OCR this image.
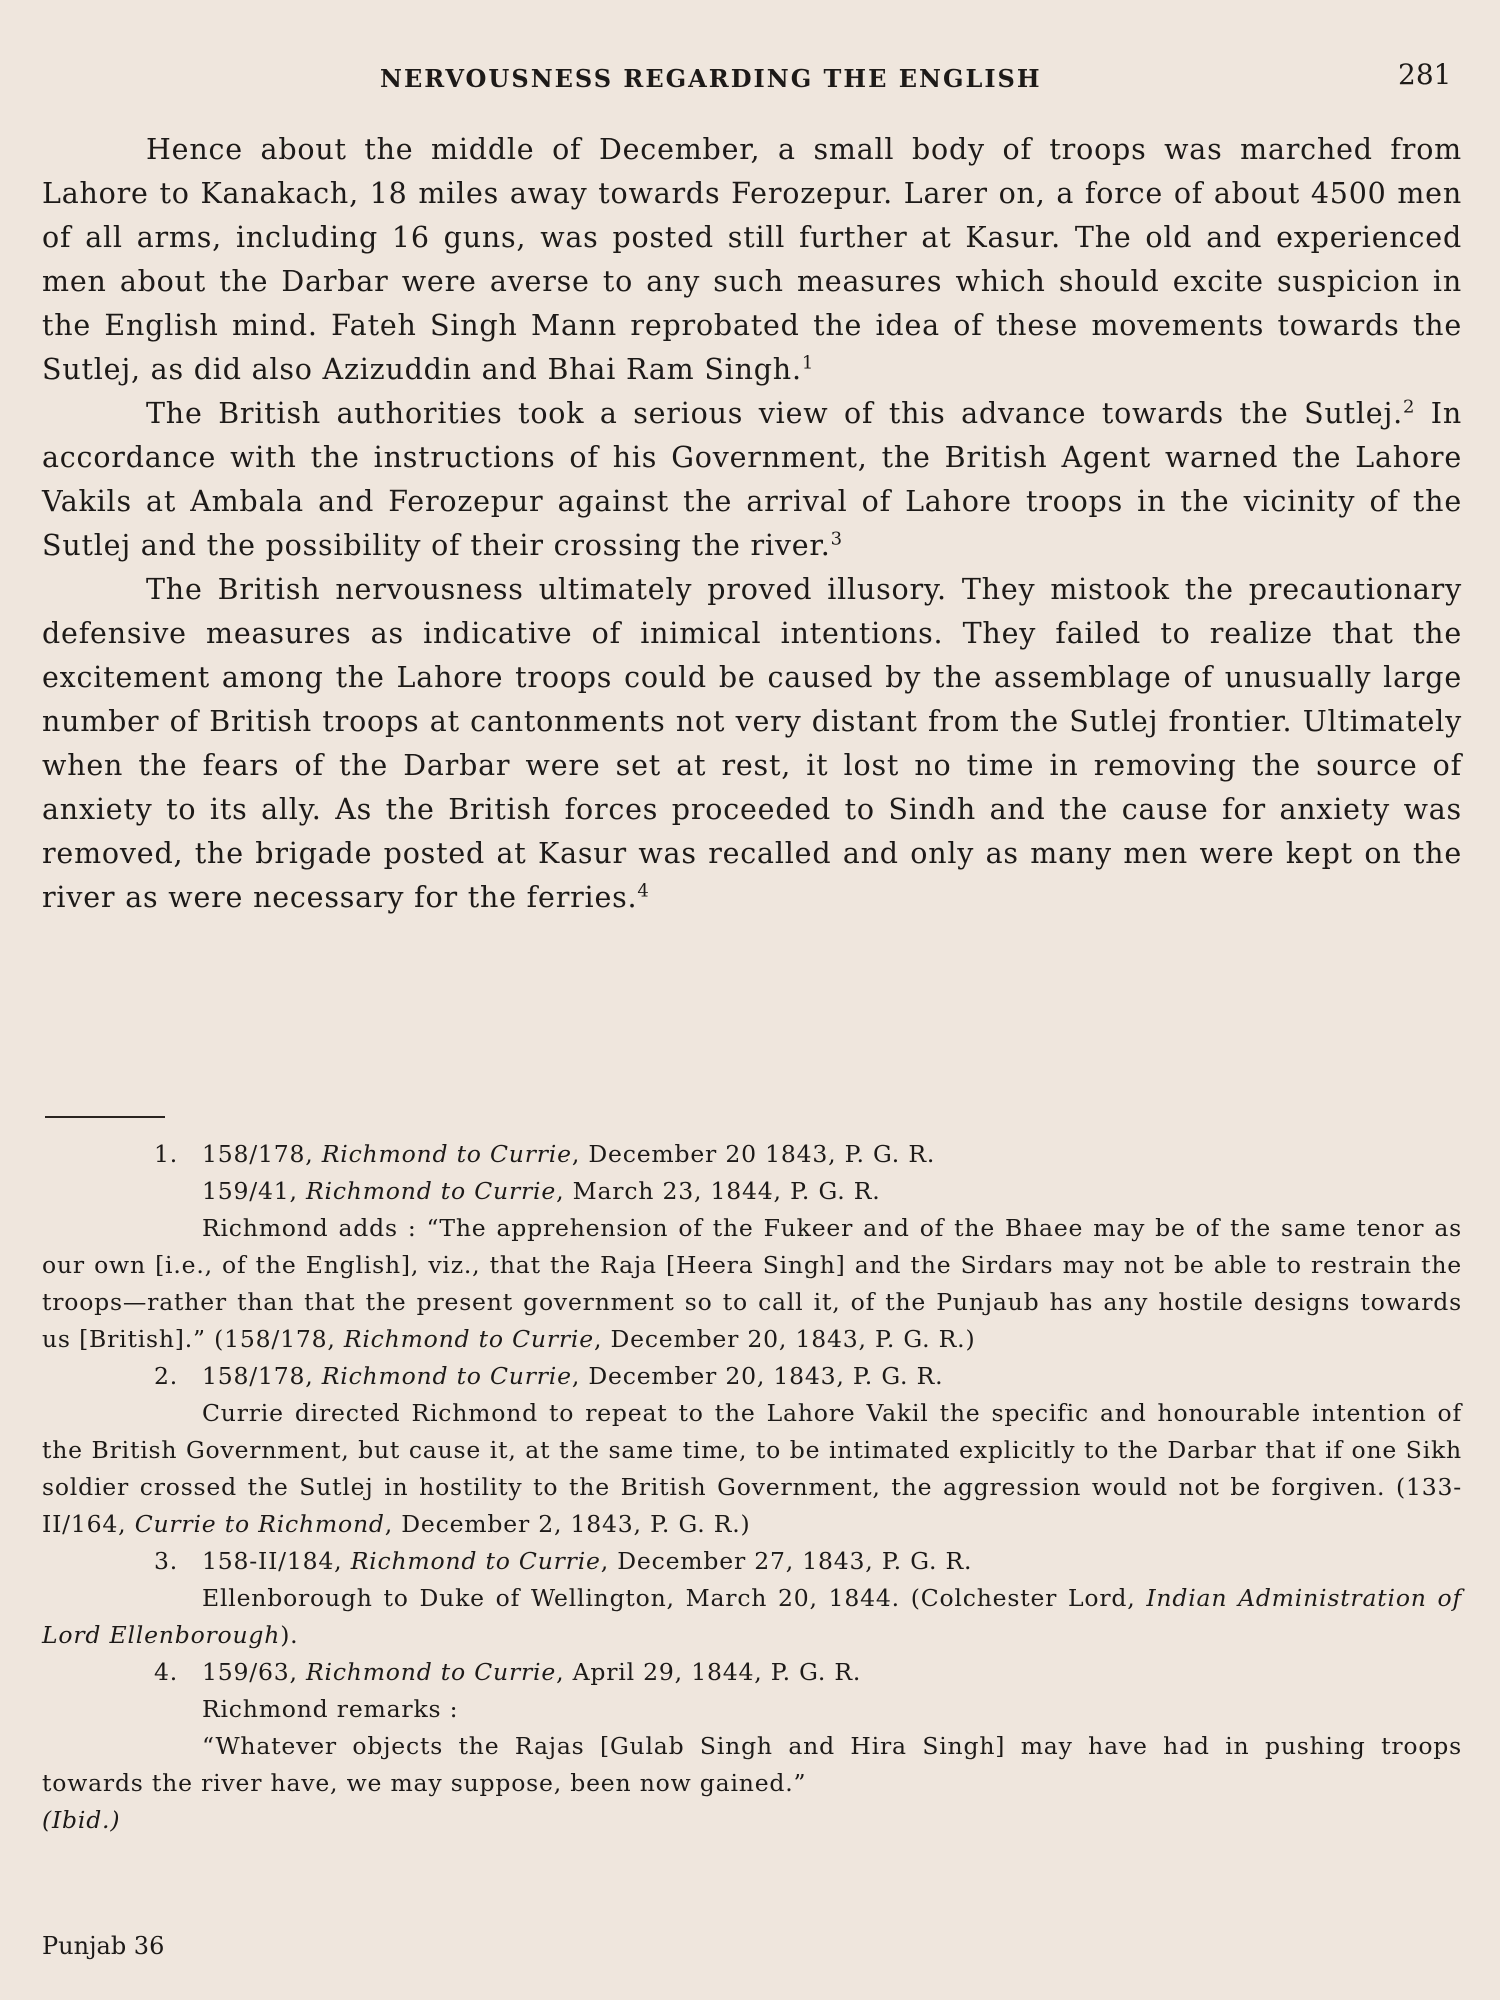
NERVOUSNESS REGARDING THE ENGLISH	281

Hence about the middle of December, a small body of troops was marched from Lahore to Kanakach, 18 miles away towards Ferozepur. Larer on, a force of about 4500 men of all arms, including 16 guns, was posted still further at Kasur. The old and experienced men about the Darbar were averse to any such measures which should excite suspicion in the English mind. Fateh Singh Mann reprobated the idea of these movements towards the Sutlej, as did also Azizuddin and Bhai Ram Singh.$^1$

The British authorities took a serious view of this advance towards the Sutlej.$^2$ In accordance with the instructions of his Government, the British Agent warned the Lahore Vakils at Ambala and Ferozepur against the arrival of Lahore troops in the vicinity of the Sutlej and the possibility of their crossing the river.$^3$

The British nervousness ultimately proved illusory. They mistook the precautionary defensive measures as indicative of inimical intentions. They failed to realize that the excitement among the Lahore troops could be caused by the assemblage of unusually large number of British troops at cantonments not very distant from the Sutlej frontier. Ultimately when the fears of the Darbar were set at rest, it lost no time in removing the source of anxiety to its ally. As the British forces proceeded to Sindh and the cause for anxiety was removed, the brigade posted at Kasur was recalled and only as many men were kept on the river as were necessary for the ferries.$^4$

1.	158/178, Richmond to Currie, December 20 1843, P. G. R.

159/41, Richmond to Currie, March 23, 1844, P. G. R.

Richmond adds : “The apprehension of the Fukeer and of the Bhaee may be of the same tenor as our own [i.e., of the English], viz., that the Raja [Heera Singh] and the Sirdars may not be able to restrain the troops—rather than that the present government so to call it, of the Punjaub has any hostile designs towards us [British].” (158/178, Richmond to Currie, December 20, 1843, P. G. R.)

2.	158/178, Richmond to Currie, December 20, 1843, P. G. R.

Currie directed Richmond to repeat to the Lahore Vakil the specific and honourable intention of the British Government, but cause it, at the same time, to be intimated explicitly to the Darbar that if one Sikh soldier crossed the Sutlej in hostility to the British Government, the aggression would not be forgiven. (133-II/164, Currie to Richmond, December 2, 1843, P. G. R.)

3.	158-II/184, Richmond to Currie, December 27, 1843, P. G. R.

Ellenborough to Duke of Wellington, March 20, 1844. (Colchester Lord, Indian Administration of Lord Ellenborough).

4.	159/63, Richmond to Currie, April 29, 1844, P. G. R.

Richmond remarks :

“Whatever objects the Rajas [Gulab Singh and Hira Singh] may have had in pushing troops towards the river have, we may suppose, been now gained.”

(Ibid.)

Punjab 36
